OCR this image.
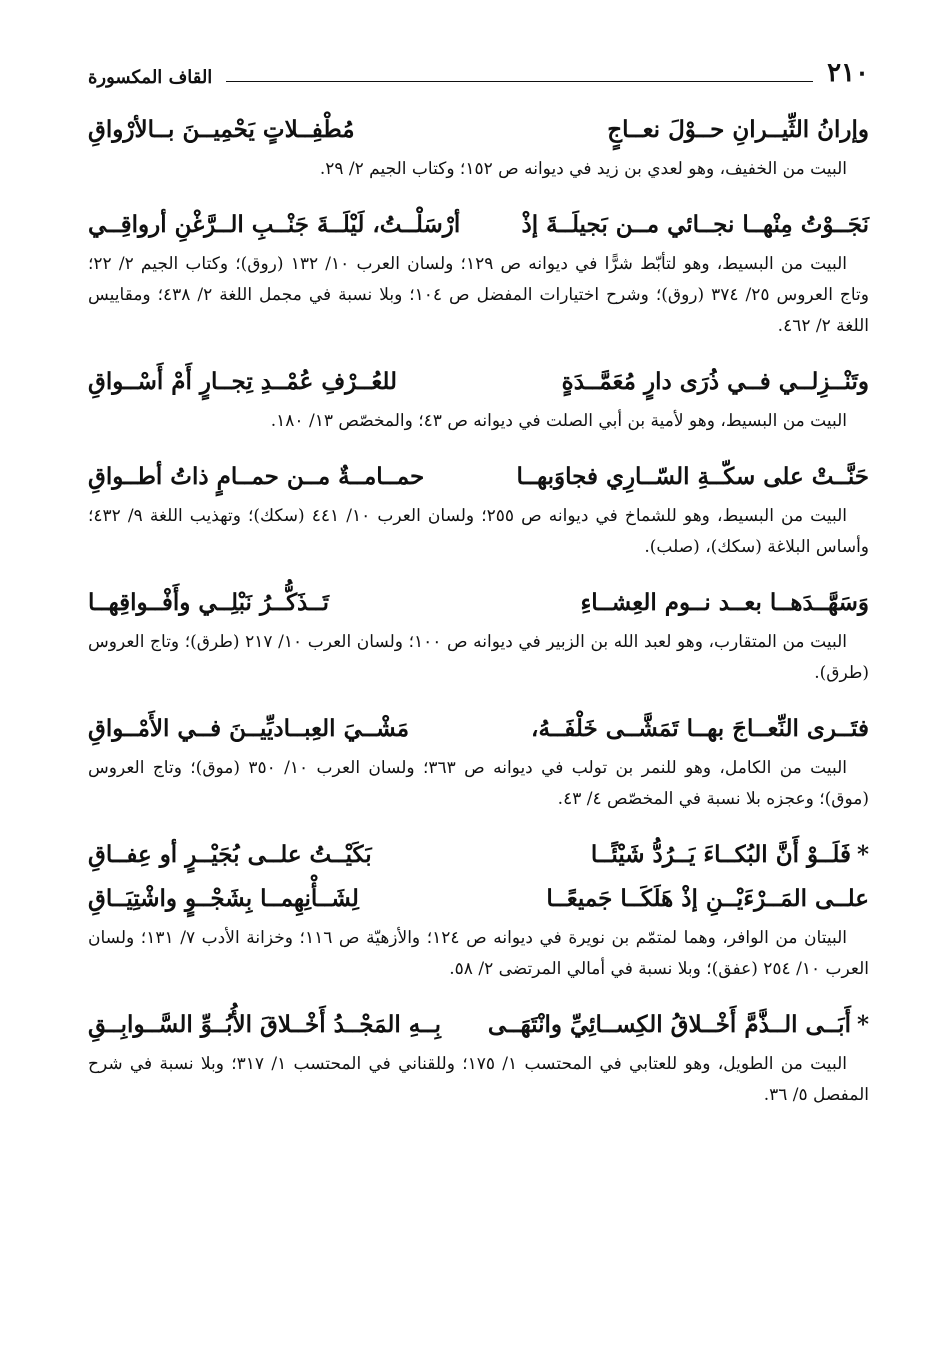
٢١٠
القاف المكسورة
وإرانُ الثِّيــرانِ حــوْلَ نعــاجٍ
مُطْفِــلاتٍ يَحْمِيــنَ بــالأرْواقِ
البيت من الخفيف، وهو لعدي بن زيد في ديوانه ص ١٥٢؛ وكتاب الجيم ٢/ ٢٩.
نَجَــوْتُ مِنْهــا نجــائي مــن بَجيلَــةَ إذْ
أرْسَلْــتُ، لَيْلَــةَ جَنْــبِ الــرَّغْنِ أرواقِــي
البيت من البسيط، وهو لتأبّط شرًّا في ديوانه ص ١٢٩؛ ولسان العرب ١٠/ ١٣٢ (روق)؛ وكتاب الجيم ٢/ ٢٢؛ وتاج العروس ٢٥/ ٣٧٤ (روق)؛ وشرح اختيارات المفضل ص ١٠٤؛ وبلا نسبة في مجمل اللغة ٢/ ٤٣٨؛ ومقاييس اللغة ٢/ ٤٦٢.
وتَنْــزِلــي فــي ذُرَى دارٍ مُعَمَّــدَةٍ
للعُــرْفِ عُمْــدِ تِجــارٍ أَمْ أَسْــواقِ
البيت من البسيط، وهو لأمية بن أبي الصلت في ديوانه ص ٤٣؛ والمخصّص ١٣/ ١٨٠.
حَنَّــتْ على سكّــةِ السّــارِي فجاوَبهــا
حمــامــةٌ مــن حمــامٍ ذاتُ أطــواقِ
البيت من البسيط، وهو للشماخ في ديوانه ص ٢٥٥؛ ولسان العرب ١٠/ ٤٤١ (سكك)؛ وتهذيب اللغة ٩/ ٤٣٢؛ وأساس البلاغة (سكك)، (صلب).
وَسَهَّــدَهــا بعــد نــوم العِشــاءِ
تَــذَكُّــرُ نَبْلِــي وأَفْــواقِهــا
البيت من المتقارب، وهو لعبد الله بن الزبير في ديوانه ص ١٠٠؛ ولسان العرب ١٠/ ٢١٧ (طرق)؛ وتاج العروس (طرق).
فتَــرى النِّعــاجَ بهــا تَمَشَّــى خَلْفَــهُ،
مَشْــيَ العِبــاديِّيــنَ فــي الأَمْــواقِ
البيت من الكامل، وهو للنمر بن تولب في ديوانه ص ٣٦٣؛ ولسان العرب ١٠/ ٣٥٠ (موق)؛ وتاج العروس (موق)؛ وعجزه بلا نسبة في المخصّص ٤/ ٤٣.
*فَلَــوْ أَنَّ البُكــاءَ يَــرُدُّ شَيْئًــا
بَكَيْــتُ علــى بُجَيْــرٍ أو عِفــاقِ
علــى المَــرْءَيْــنِ إذْ هَلَكَــا جَميعًــا
لِشَــأْنِهِمــا بِشَجْــوٍ واشْتِيَــاقِ
البيتان من الوافر، وهما لمتمّم بن نويرة في ديوانه ص ١٢٤؛ والأزهيّة ص ١١٦؛ وخزانة الأدب ٧/ ١٣١؛ ولسان العرب ١٠/ ٢٥٤ (عفق)؛ وبلا نسبة في أمالي المرتضى ٢/ ٥٨.
*أَبَــى الــذَّمَّ أَخْــلاقُ الكِســائِيِّ وانْتَهَــى
بِــهِ المَجْــدُ أَخْــلاقَ الأُبُــوِّ السَّــوابِــقِ
البيت من الطويل، وهو للعتابي في المحتسب ١/ ١٧٥؛ وللقناني في المحتسب ١/ ٣١٧؛ وبلا نسبة في شرح المفصل ٥/ ٣٦.
